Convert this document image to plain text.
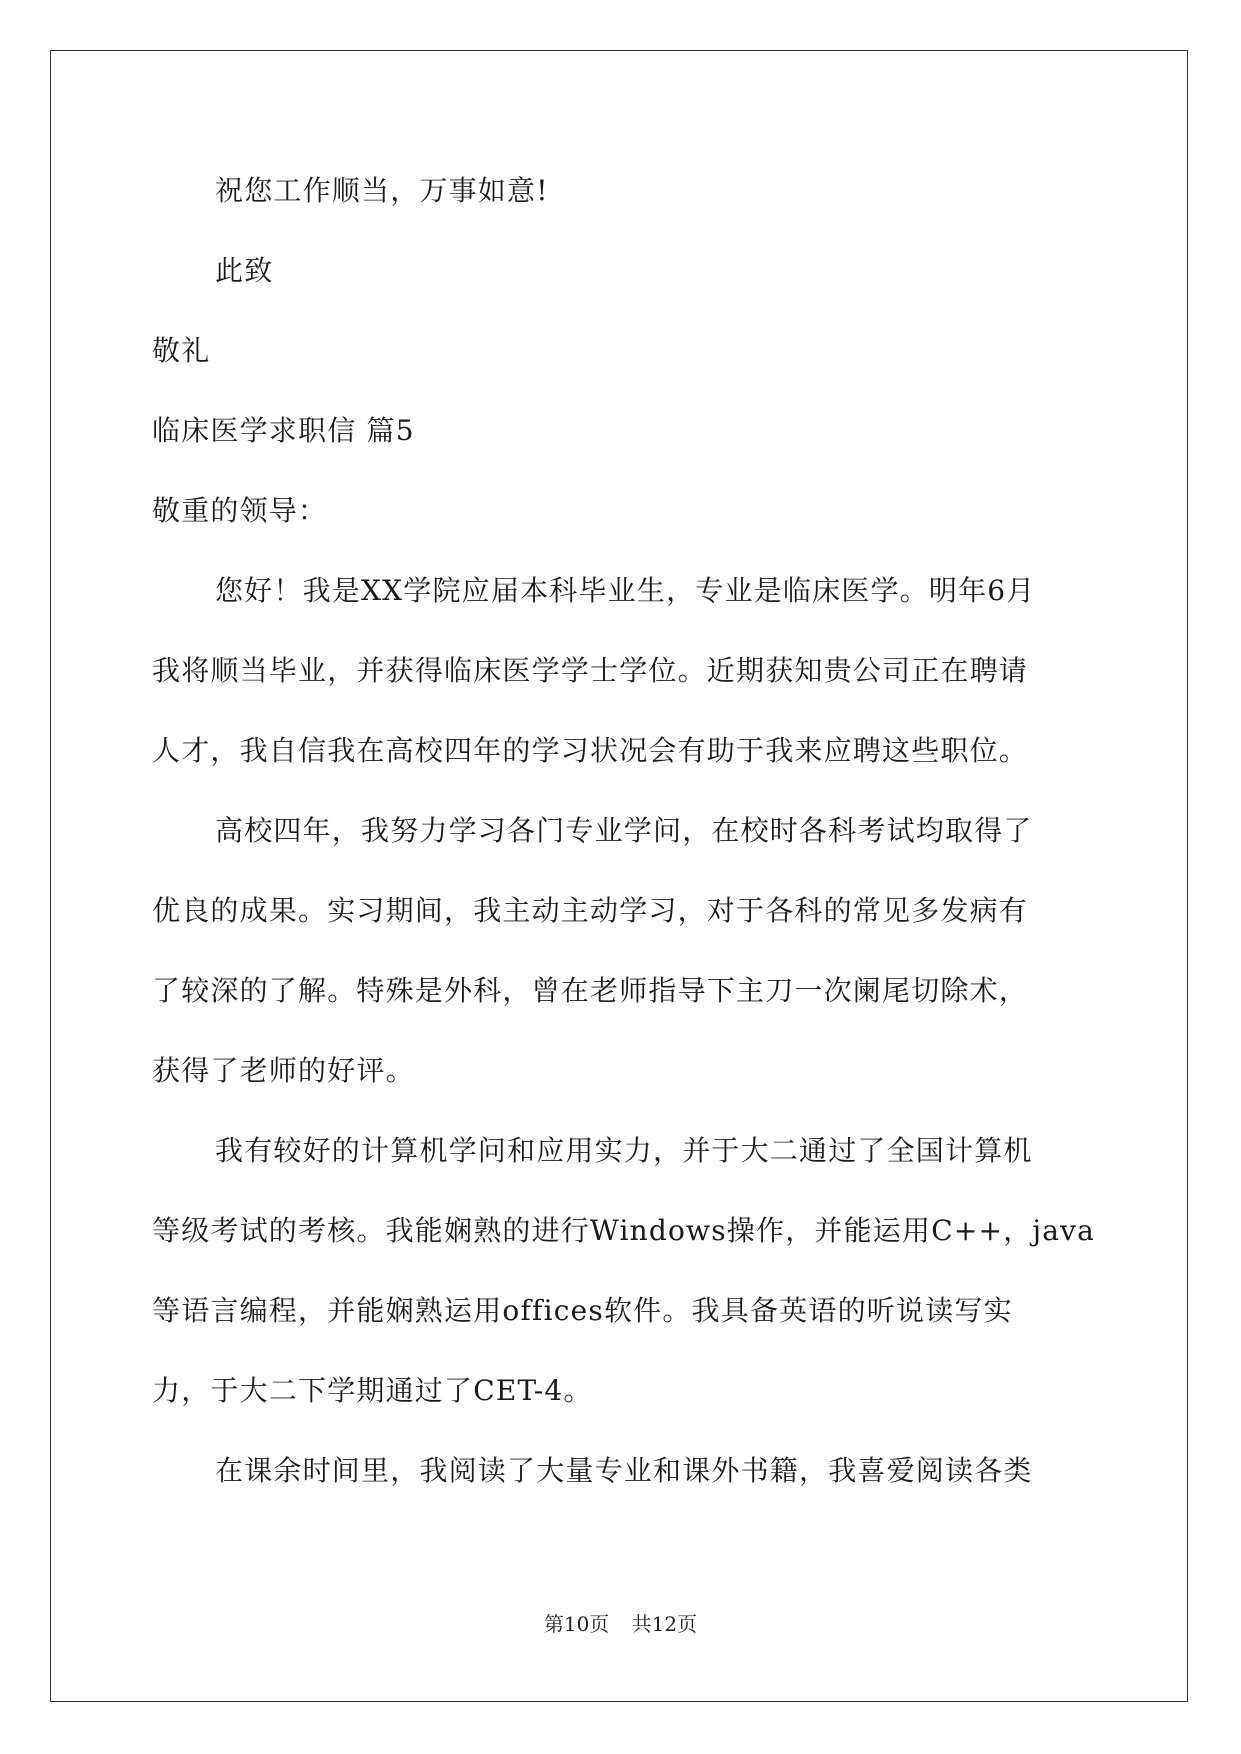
祝您工作顺当，万事如意!
此致
敬礼
临床医学求职信 篇5
敬重的领导：
您好！我是XX学院应届本科毕业生，专业是临床医学。明年6月
我将顺当毕业，并获得临床医学学士学位。近期获知贵公司正在聘请
人才，我自信我在高校四年的学习状况会有助于我来应聘这些职位。
高校四年，我努力学习各门专业学问，在校时各科考试均取得了
优良的成果。实习期间，我主动主动学习，对于各科的常见多发病有
了较深的了解。特殊是外科，曾在老师指导下主刀一次阑尾切除术，
获得了老师的好评。
我有较好的计算机学问和应用实力，并于大二通过了全国计算机
等级考试的考核。我能娴熟的进行Windows操作，并能运用C++，java
等语言编程，并能娴熟运用offices软件。我具备英语的听说读写实
力，于大二下学期通过了CET-4。
在课余时间里，我阅读了大量专业和课外书籍，我喜爱阅读各类
第10页 共12页
